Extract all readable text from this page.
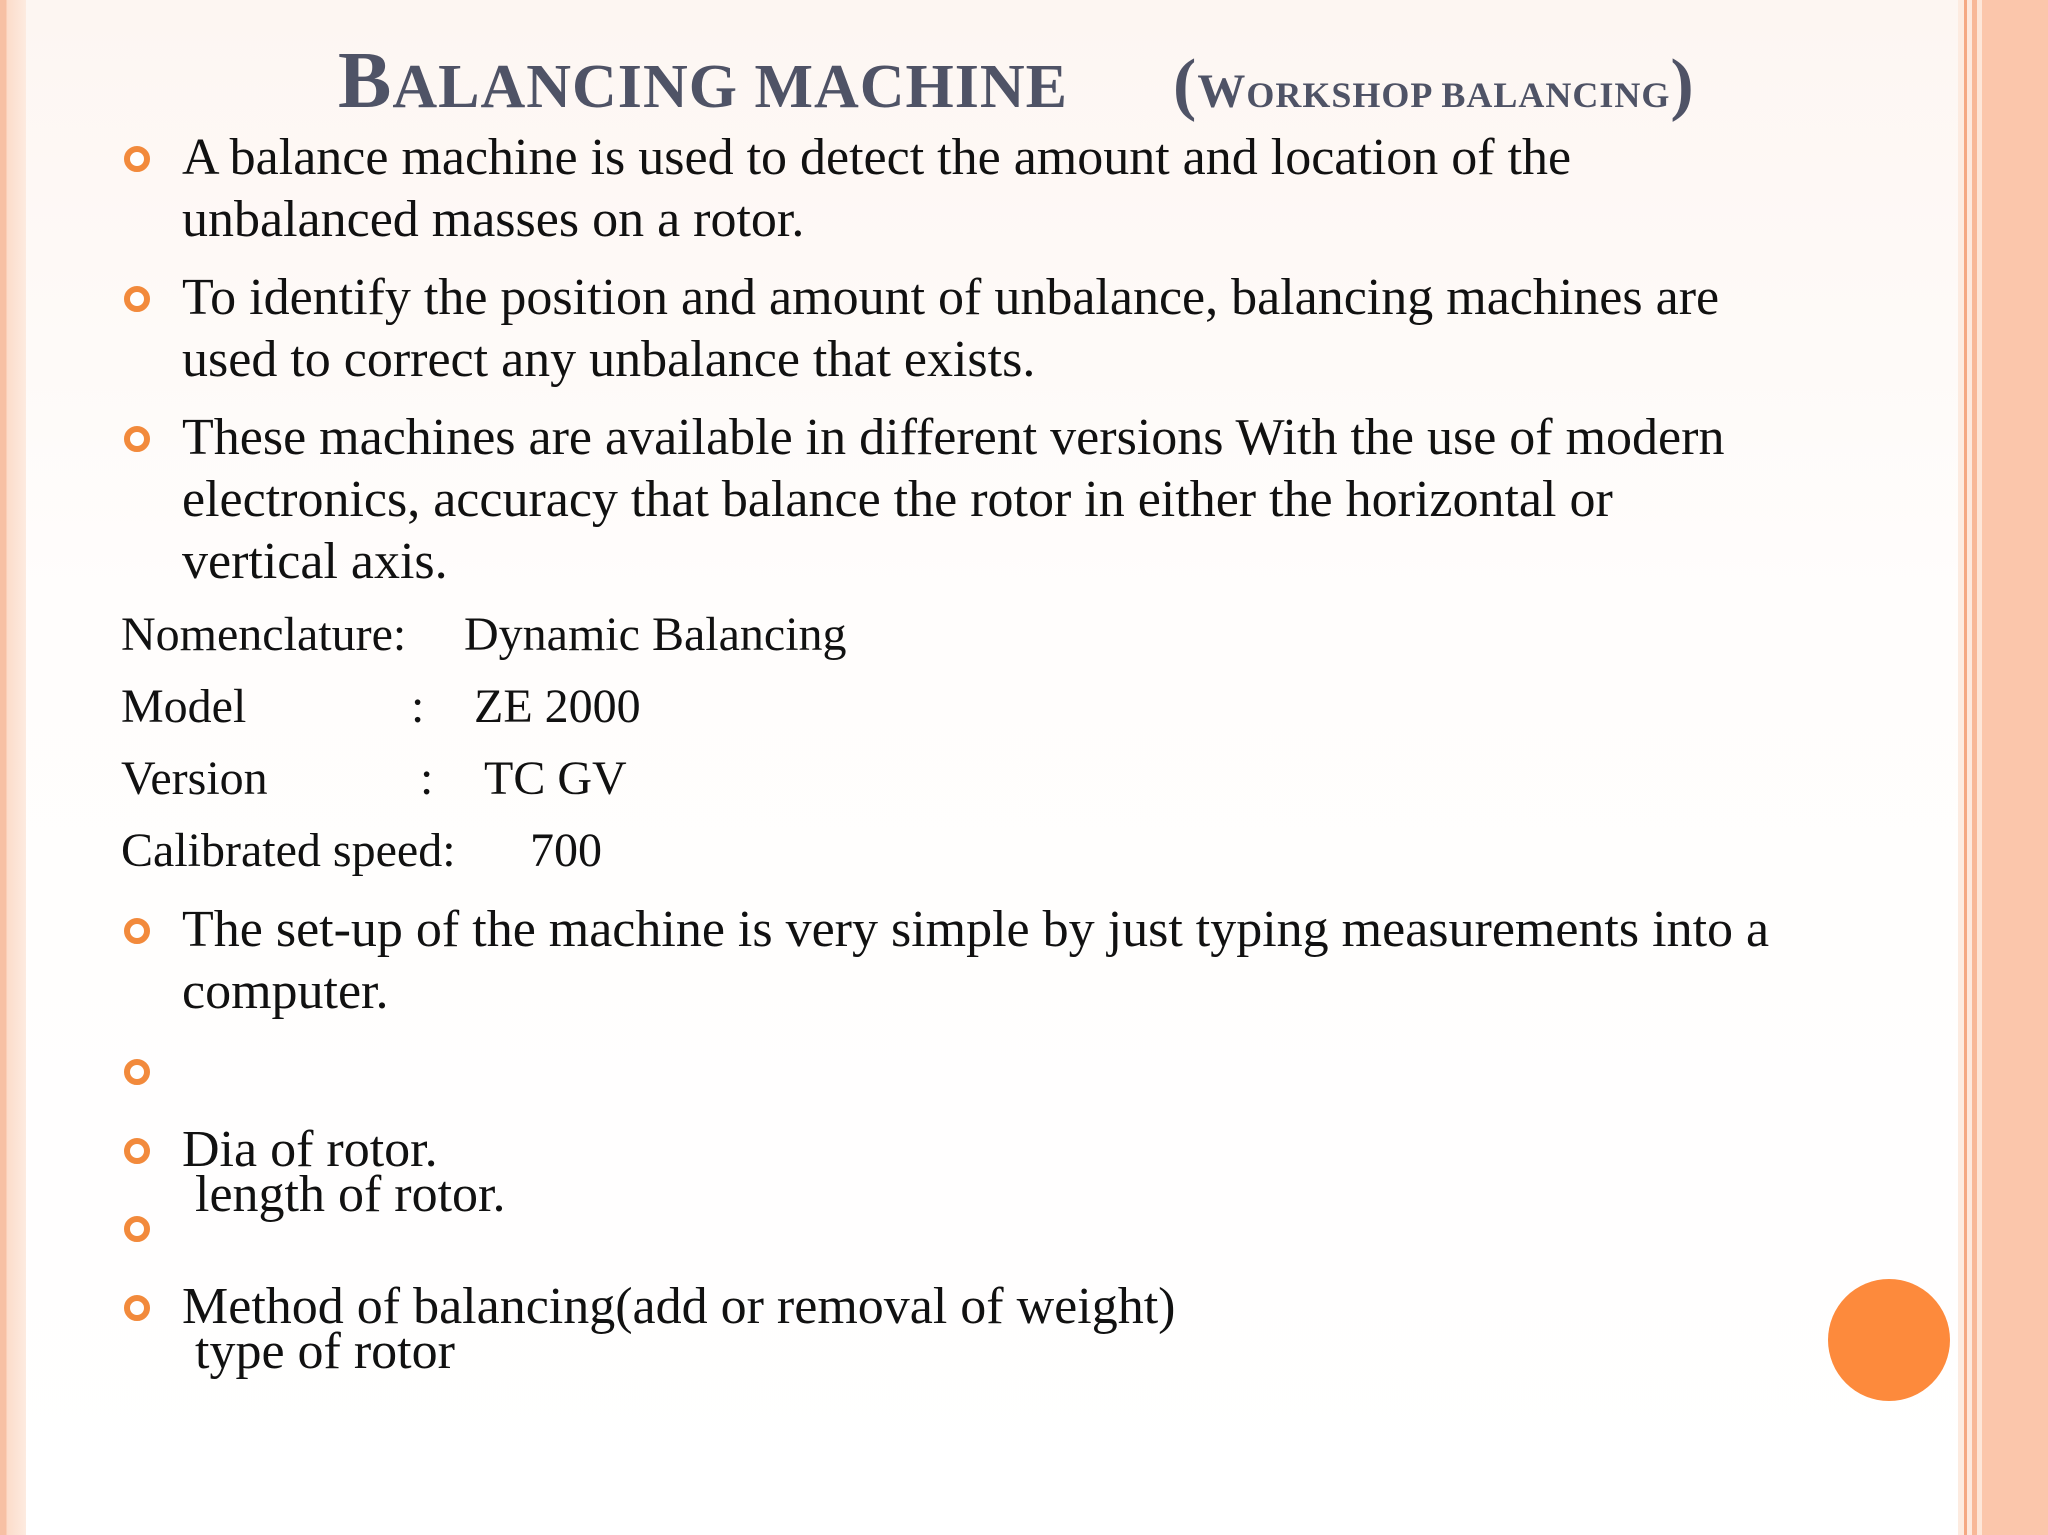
BALANCING MACHINE (WORKSHOP BALANCING)
A balance machine is used to detect the amount and location of the
unbalanced masses on a rotor.
To identify the position and amount of unbalance, balancing machines are
used to correct any unbalance that exists.
These machines are available in different versions With the use of modern
electronics, accuracy that balance the rotor in either the horizontal or
vertical axis.
Nomenclature: Dynamic Balancing
Model	: ZE 2000
Version	: TC GV
Calibrated speed: 700
The set-up of the machine is very simple by just typing measurements into a
computer.

length of rotor.

Dia of rotor.

type of rotor

Method of balancing(add or removal of weight)
